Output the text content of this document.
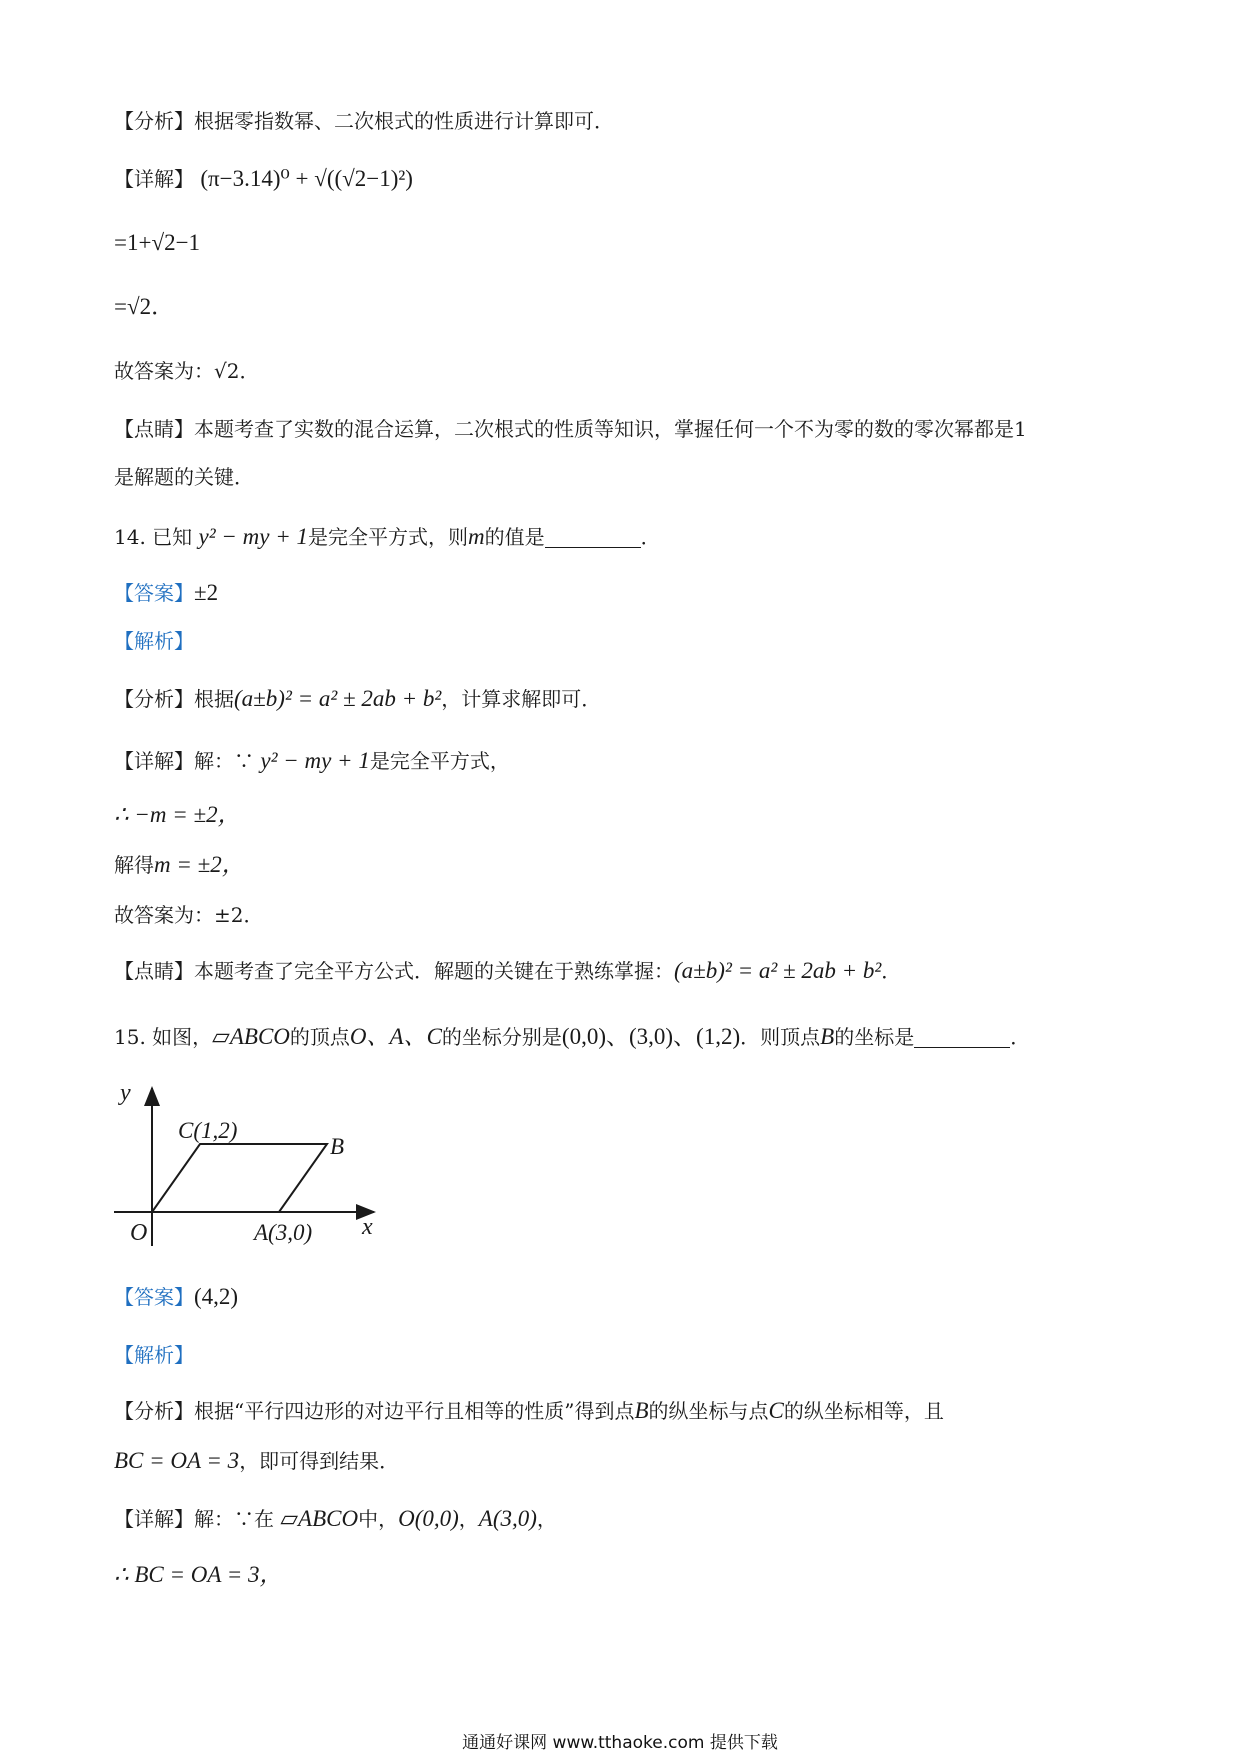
【分析】根据零指数幂、二次根式的性质进行计算即可．
【详解】 (π−3.14)⁰ + √((√2−1)²)
=1+√2−1
=√2．
故答案为：√2．
【点睛】本题考查了实数的混合运算，二次根式的性质等知识，掌握任何一个不为零的数的零次幂都是1
是解题的关键．
14. 已知 y² − my + 1是完全平方式，则m的值是	．
【答案】±2
【解析】
【分析】根据(a±b)² = a² ± 2ab + b²，计算求解即可．
【详解】解：∵ y² − my + 1是完全平方式，
∴ −m = ±2，
解得m = ±2，
故答案为：±2．
【点睛】本题考查了完全平方公式．解题的关键在于熟练掌握：(a±b)² = a² ± 2ab + b²．
15. 如图，▱ABCO的顶点O、A、C的坐标分别是(0,0)、(3,0)、(1,2)．则顶点B的坐标是	．
y
x
O	A(3,0)
C(1,2)
B
【答案】(4,2)
【解析】
【分析】根据“平行四边形的对边平行且相等的性质”得到点B的纵坐标与点C的纵坐标相等，且
BC = OA = 3，即可得到结果．
【详解】解：∵在 ▱ABCO中，O(0,0)，A(3,0)，
∴ BC = OA = 3，
通通好课网 www.tthaoke.com 提供下载
